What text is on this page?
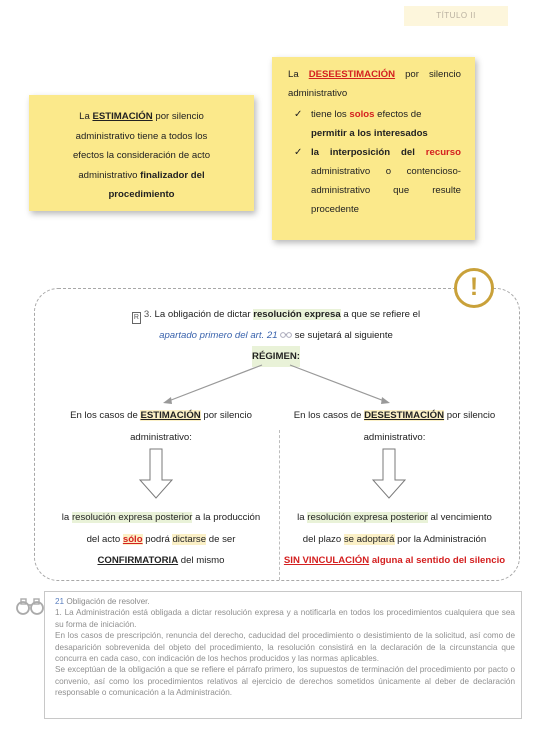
TÍTULO II
La ESTIMACIÓN por silencio
administrativo tiene a todos los
efectos la consideración de acto
administrativo finalizador del
procedimiento
La DESEESTIMACIÓN por silencio
administrativo
✓ tiene los solos efectos de
permitir a los interesados
✓ la interposición del recurso administrativo o contencioso-administrativo que resulte procedente
!
R 3. La obligación de dictar resolución expresa a que se refiere el
apartado primero del art. 21  se sujetará al siguiente
RÉGIMEN:
En los casos de ESTIMACIÓN por silencio
administrativo:
la resolución expresa posterior a la producción
del acto sólo podrá dictarse de ser
CONFIRMATORIA del mismo
En los casos de DESESTIMACIÓN por silencio
administrativo:
la resolución expresa posterior al vencimiento
del plazo se adoptará por la Administración
SIN VINCULACIÓN alguna al sentido del silencio
21 Obligación de resolver.
1. La Administración está obligada a dictar resolución expresa y a notificarla en todos los procedimientos cualquiera que sea su forma de iniciación.
En los casos de prescripción, renuncia del derecho, caducidad del procedimiento o desistimiento de la solicitud, así como de desaparición sobrevenida del objeto del procedimiento, la resolución consistirá en la declaración de la circunstancia que concurra en cada caso, con indicación de los hechos producidos y las normas aplicables.
Se exceptúan de la obligación a que se refiere el párrafo primero, los supuestos de terminación del procedimiento por pacto o convenio, así como los procedimientos relativos al ejercicio de derechos sometidos únicamente al deber de declaración responsable o comunicación a la Administración.
